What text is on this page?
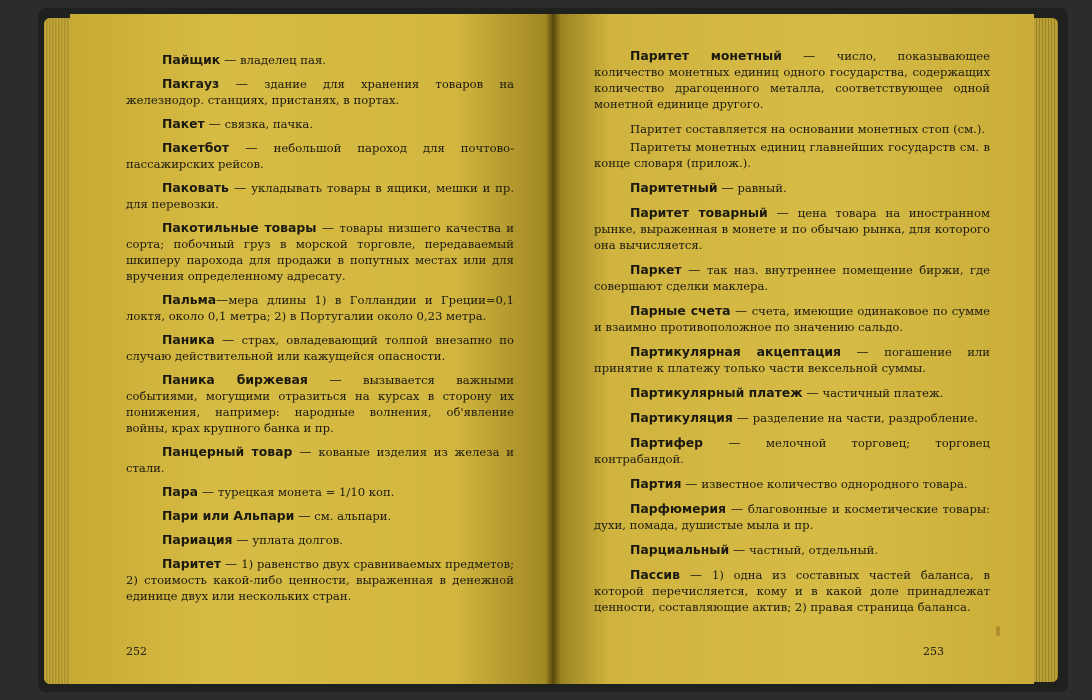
Пайщик — владелец пая.

Пакгауз — здание для хранения товаров на железнодор. станциях, пристанях, в портах.

Пакет — связка, пачка.

Пакетбот — небольшой пароход для почтово-пассажирских рейсов.

Паковать — укладывать товары в ящики, мешки и пр. для перевозки.

Пакотильные товары — товары низшего качества и сорта; побочный груз в морской торговле, передаваемый шкиперу парохода для продажи в попутных местах или для вручения определенному адресату.

Пальма—мера длины 1) в Голландии и Греции=0,1 локтя, около 0,1 метра; 2) в Португалии около 0,23 метра.

Паника — страх, овладевающий толпой внезапно по случаю действительной или кажущейся опасности.

Паника биржевая — вызывается важными событиями, могущими отразиться на курсах в сторону их понижения, например: народные волнения, об'явление войны, крах крупного банка и пр.

Панцерный товар — кованые изделия из железа и стали.

Пара — турецкая монета = 1/10 коп.

Пари или Альпари — см. альпари.

Париация — уплата долгов.

Паритет — 1) равенство двух сравниваемых предметов; 2) стоимость какой-либо ценности, выраженная в денежной единице двух или нескольких стран.

252

Паритет монетный — число, показывающее количество монетных единиц одного государства, содержащих количество драгоценного металла, соответствующее одной монетной единице другого.

Паритет составляется на основании монетных стоп (см.).

Паритеты монетных единиц главнейших государств см. в конце словаря (прилож.).

Паритетный — равный.

Паритет товарный — цена товара на иностранном рынке, выраженная в монете и по обычаю рынка, для которого она вычисляется.

Паркет — так наз. внутреннее помещение биржи, где совершают сделки маклера.

Парные счета — счета, имеющие одинаковое по сумме и взаимно противоположное по значению сальдо.

Партикулярная акцептация — погашение или принятие к платежу только части вексельной суммы.

Партикулярный платеж — частичный платеж.

Партикуляция — разделение на части, раздробление.

Партифер — мелочной торговец; торговец контрабандой.

Партия — известное количество однородного товара.

Парфюмерия — благовонные и косметические товары: духи, помада, душистые мыла и пр.

Парциальный — частный, отдельный.

Пассив — 1) одна из составных частей баланса, в которой перечисляется, кому и в какой доле принадлежат ценности, составляющие актив; 2) правая страница баланса.

253
